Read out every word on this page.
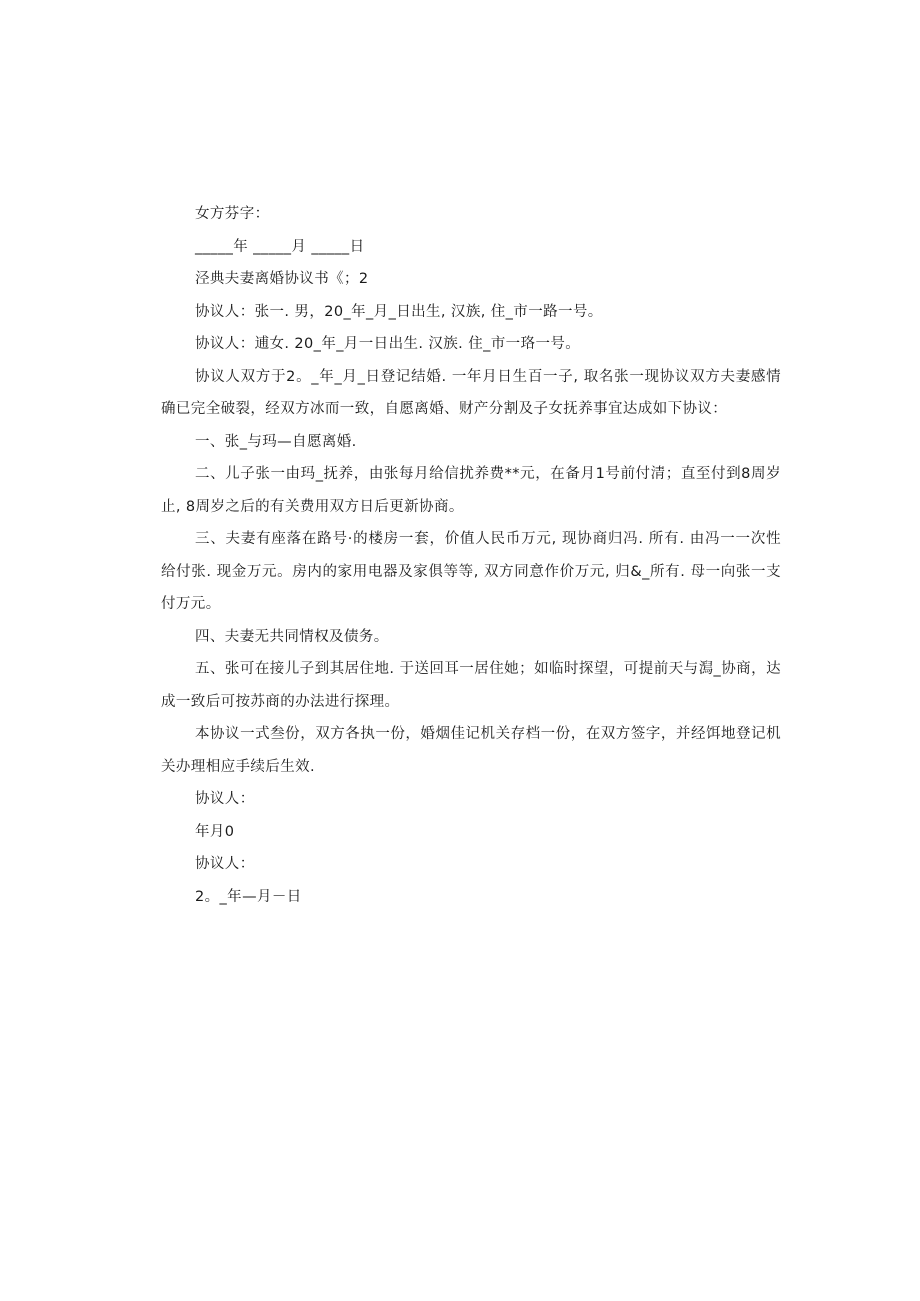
女方芬字：

_____年 _____月 _____日

泾典夫妻离婚协议书《；2

协议人：张一. 男，20_年_月_日出生, 汉族, 住_市一路一号。

协议人：逋女. 20_年_月一日出生. 汉族. 住_市一珞一号。

协议人双方于2。_年_月_日登记结婚. 一年月日生百一子, 取名张一现协议双方夫妻感情确已完全破裂，经双方冰而一致，自愿离婚、财产分割及子女抚养事宜达成如下协议：

一、张_与玛—自愿离婚.

二、儿子张一由玛_抚养，由张每月给信扰养费**元，在备月1号前付清；直至付到8周岁止, 8周岁之后的有关费用双方日后更新协商。

三、夫妻有座落在路号·的楼房一套，价值人民币万元, 现协商归冯. 所有. 由冯一一次性给付张. 现金万元。房内的家用电器及家俱等等, 双方同意作价万元, 归&_所有. 母一向张一支付万元。

四、夫妻无共同情权及债务。

五、张可在接儿子到其居住地. 于送回耳一居住她；如临时探望，可提前天与澙_协商，达成一致后可按苏商的办法进行探理。

本协议一式叁份，双方各执一份，婚烟佳记机关存档一份，在双方签字，并经饵地登记机关办理相应手续后生效.

协议人：

年月0

协议人：

2。_年—月－日
